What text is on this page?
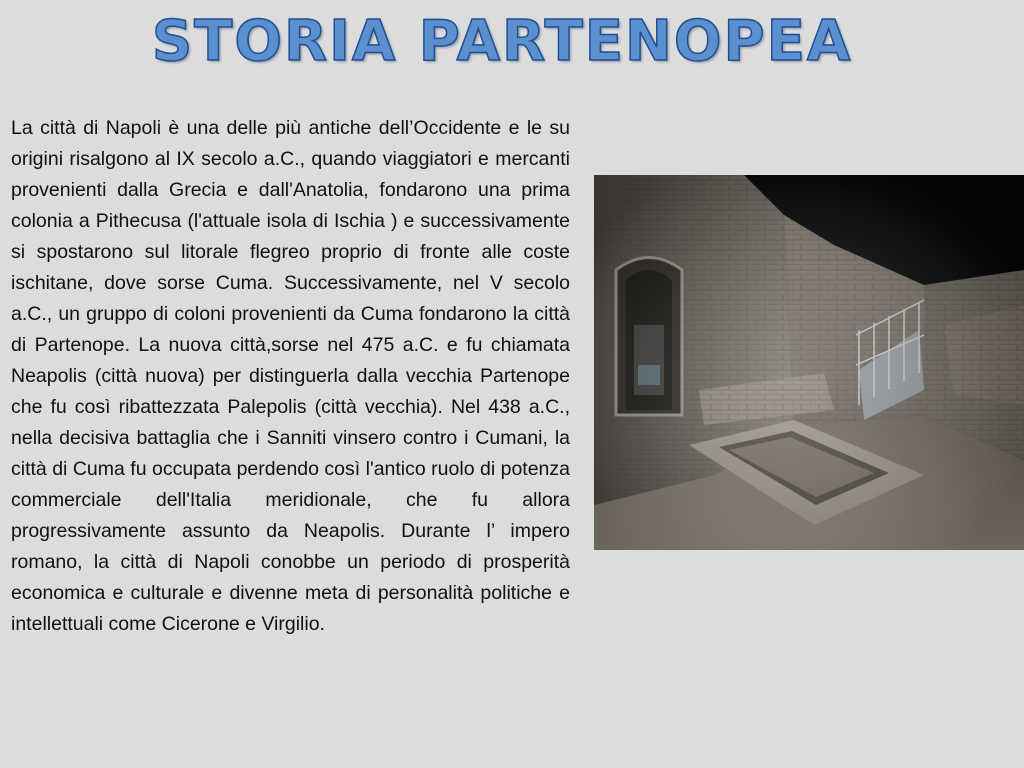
STORIA PARTENOPEA

La città di Napoli è una delle più antiche dell’Occidente e le su origini risalgono al IX secolo a.C., quando viaggiatori e mercanti provenienti dalla Grecia e dall'Anatolia, fondarono una prima colonia a Pithecusa (l'attuale isola di Ischia ) e successivamente si spostarono sul litorale flegreo proprio di fronte alle coste ischitane, dove sorse Cuma. Successivamente, nel V secolo a.C., un gruppo di coloni provenienti da Cuma fondarono la città di Partenope. La nuova città,sorse nel 475 a.C. e fu chiamata Neapolis (città nuova) per distinguerla dalla vecchia Partenope che fu così ribattezzata Palepolis (città vecchia). Nel 438 a.C., nella decisiva battaglia che i Sanniti vinsero contro i Cumani, la città di Cuma fu occupata perdendo così l'antico ruolo di potenza commerciale dell'Italia meridionale, che fu allora progressivamente assunto da Neapolis. Durante l’ impero romano, la città di Napoli conobbe un periodo di prosperità economica e culturale e divenne meta di personalità politiche e intellettuali come Cicerone e Virgilio.
